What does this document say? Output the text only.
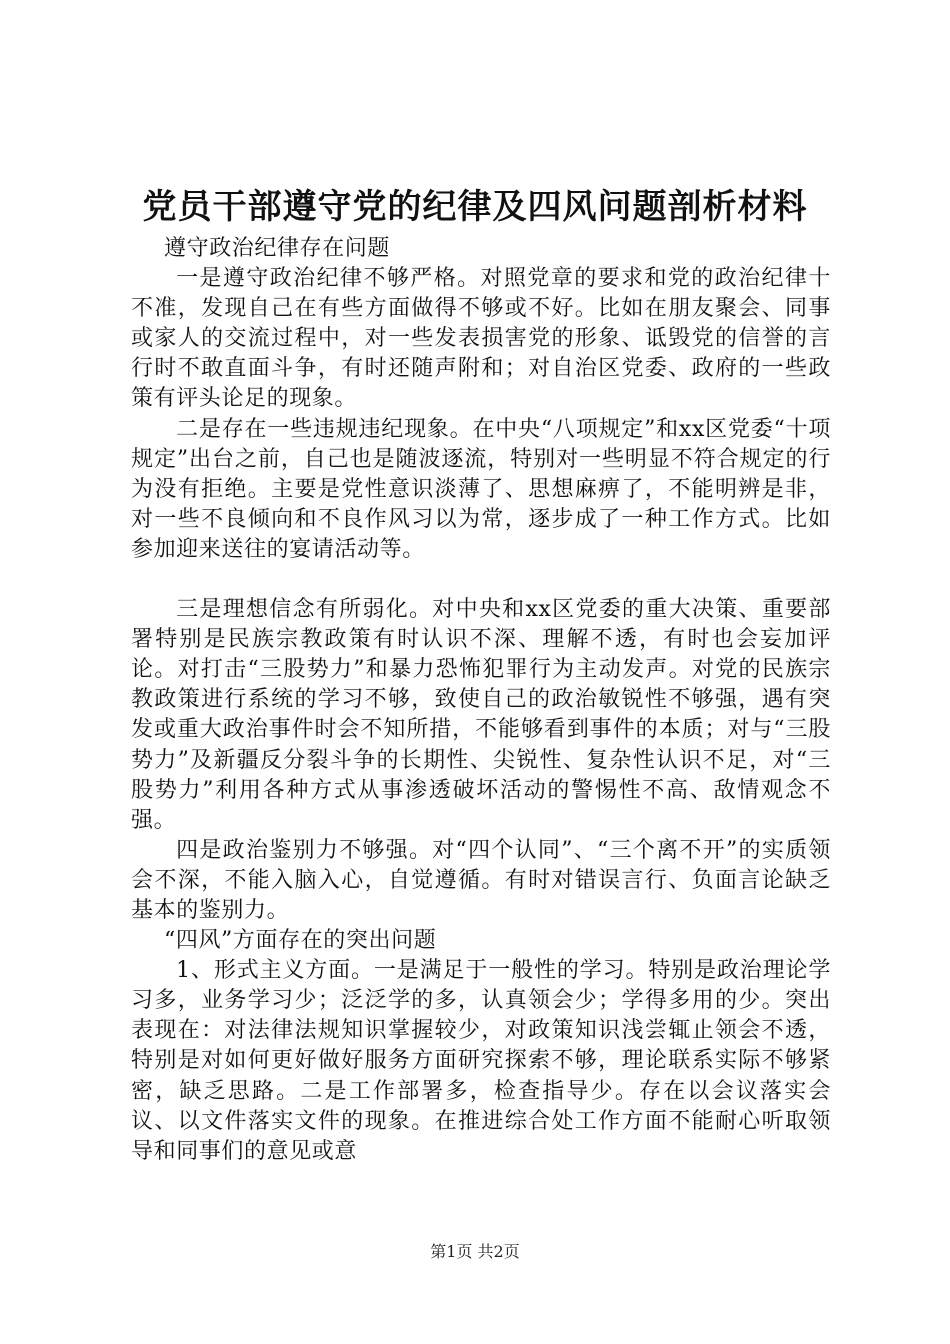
党员干部遵守党的纪律及四风问题剖析材料

遵守政治纪律存在问题

一是遵守政治纪律不够严格。对照党章的要求和党的政治纪律十不准，发现自己在有些方面做得不够或不好。比如在朋友聚会、同事或家人的交流过程中，对一些发表损害党的形象、诋毁党的信誉的言行时不敢直面斗争，有时还随声附和；对自治区党委、政府的一些政策有评头论足的现象。

二是存在一些违规违纪现象。在中央“八项规定”和xx区党委“十项规定”出台之前，自己也是随波逐流，特别对一些明显不符合规定的行为没有拒绝。主要是党性意识淡薄了、思想麻痹了，不能明辨是非，对一些不良倾向和不良作风习以为常，逐步成了一种工作方式。比如参加迎来送往的宴请活动等。

三是理想信念有所弱化。对中央和xx区党委的重大决策、重要部署特别是民族宗教政策有时认识不深、理解不透，有时也会妄加评论。对打击“三股势力”和暴力恐怖犯罪行为主动发声。对党的民族宗教政策进行系统的学习不够，致使自己的政治敏锐性不够强，遇有突发或重大政治事件时会不知所措，不能够看到事件的本质；对与“三股势力”及新疆反分裂斗争的长期性、尖锐性、复杂性认识不足，对“三股势力”利用各种方式从事渗透破坏活动的警惕性不高、敌情观念不强。

四是政治鉴别力不够强。对“四个认同”、“三个离不开”的实质领会不深，不能入脑入心，自觉遵循。有时对错误言行、负面言论缺乏基本的鉴别力。

“四风”方面存在的突出问题

1、形式主义方面。一是满足于一般性的学习。特别是政治理论学习多，业务学习少；泛泛学的多，认真领会少；学得多用的少。突出表现在：对法律法规知识掌握较少，对政策知识浅尝辄止领会不透，特别是对如何更好做好服务方面研究探索不够，理论联系实际不够紧密，缺乏思路。二是工作部署多，检查指导少。存在以会议落实会议、以文件落实文件的现象。在推进综合处工作方面不能耐心听取领导和同事们的意见或意

第1页 共2页
